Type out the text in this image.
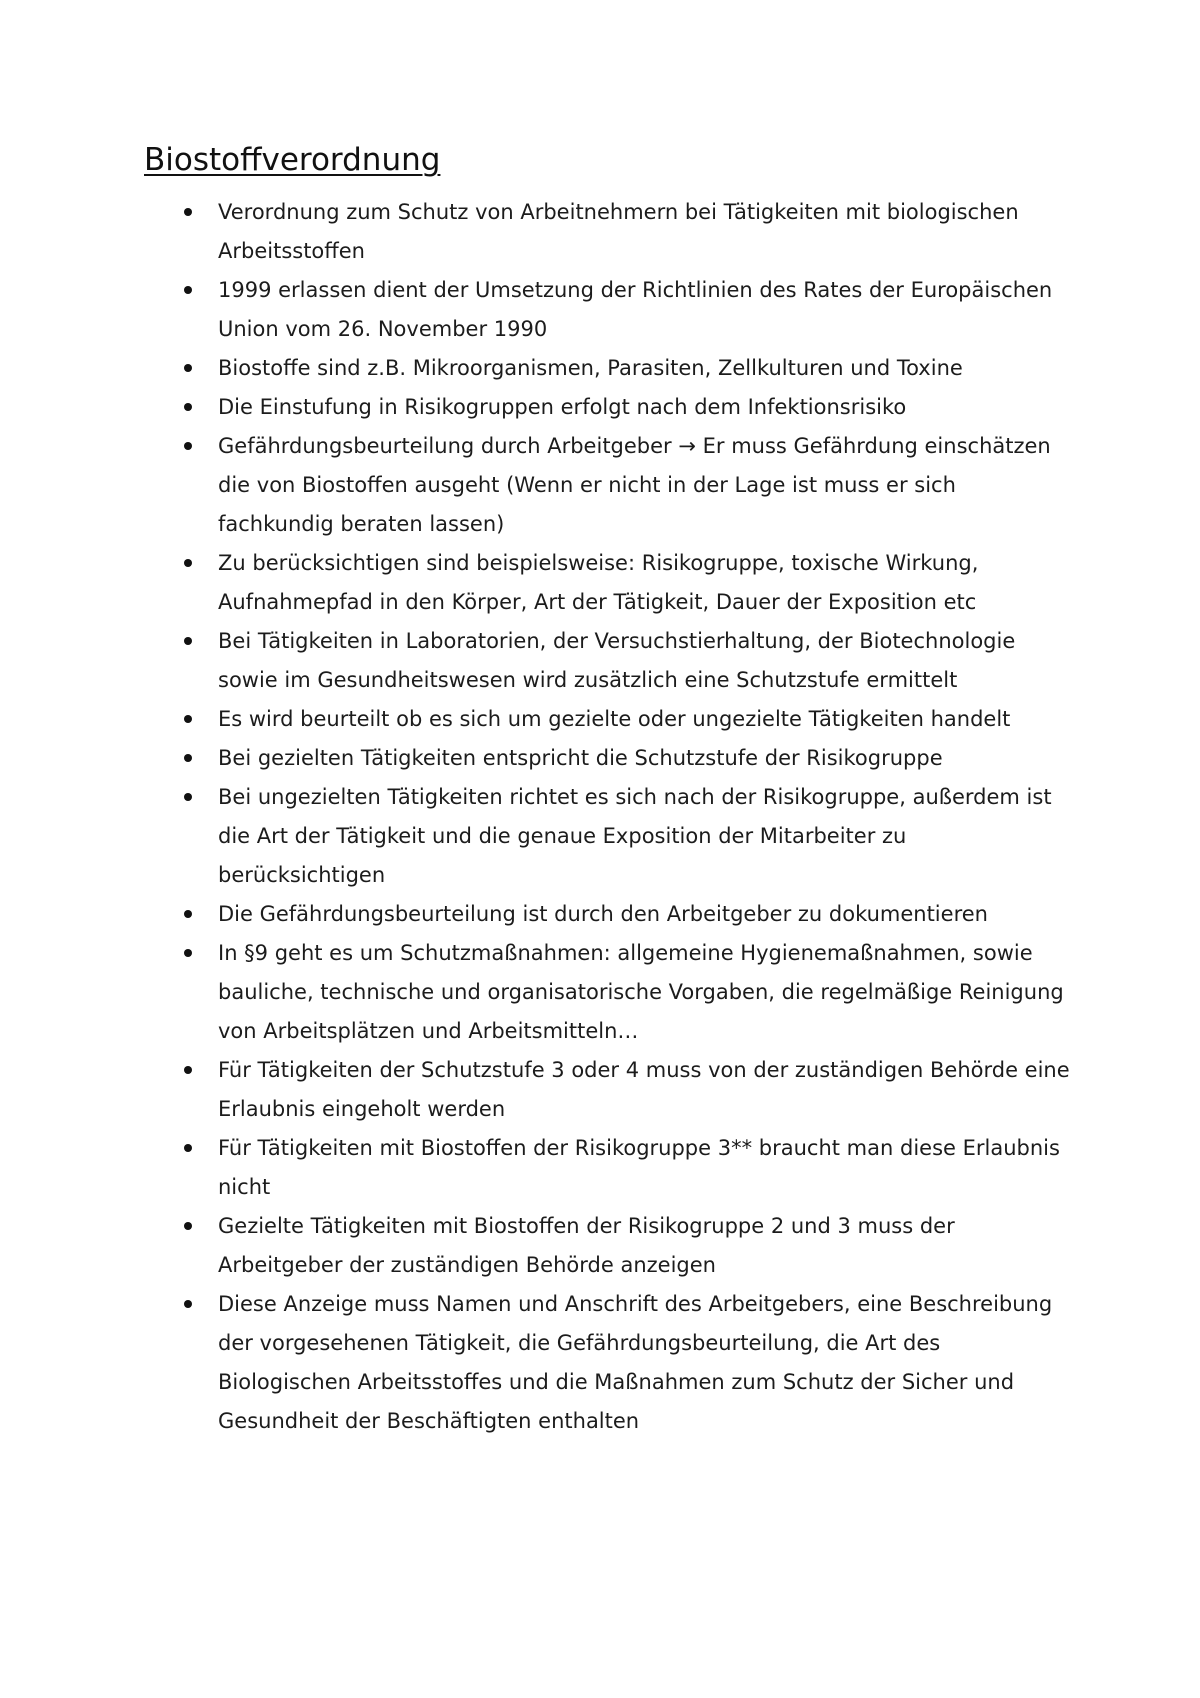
Biostoffverordnung
Verordnung zum Schutz von Arbeitnehmern bei Tätigkeiten mit biologischen Arbeitsstoffen
1999 erlassen dient der Umsetzung der Richtlinien des Rates der Europäischen Union vom 26. November 1990
Biostoffe sind z.B. Mikroorganismen, Parasiten, Zellkulturen und Toxine
Die Einstufung in Risikogruppen erfolgt nach dem Infektionsrisiko
Gefährdungsbeurteilung durch Arbeitgeber → Er muss Gefährdung einschätzen die von Biostoffen ausgeht (Wenn er nicht in der Lage ist muss er sich fachkundig beraten lassen)
Zu berücksichtigen sind beispielsweise: Risikogruppe, toxische Wirkung, Aufnahmepfad in den Körper, Art der Tätigkeit, Dauer der Exposition etc
Bei Tätigkeiten in Laboratorien, der Versuchstierhaltung, der Biotechnologie sowie im Gesundheitswesen wird zusätzlich eine Schutzstufe ermittelt
Es wird beurteilt ob es sich um gezielte oder ungezielte Tätigkeiten handelt
Bei gezielten Tätigkeiten entspricht die Schutzstufe der Risikogruppe
Bei ungezielten Tätigkeiten richtet es sich nach der Risikogruppe, außerdem ist die Art der Tätigkeit und die genaue Exposition der Mitarbeiter zu berücksichtigen
Die Gefährdungsbeurteilung ist durch den Arbeitgeber zu dokumentieren
In §9 geht es um Schutzmaßnahmen: allgemeine Hygienemaßnahmen, sowie bauliche, technische und organisatorische Vorgaben, die regelmäßige Reinigung von Arbeitsplätzen und Arbeitsmitteln…
Für Tätigkeiten der Schutzstufe 3 oder 4 muss von der zuständigen Behörde eine Erlaubnis eingeholt werden
Für Tätigkeiten mit Biostoffen der Risikogruppe 3** braucht man diese Erlaubnis nicht
Gezielte Tätigkeiten mit Biostoffen der Risikogruppe 2 und 3 muss der Arbeitgeber der zuständigen Behörde anzeigen
Diese Anzeige muss Namen und Anschrift des Arbeitgebers, eine Beschreibung der vorgesehenen Tätigkeit, die Gefährdungsbeurteilung, die Art des Biologischen Arbeitsstoffes und die Maßnahmen zum Schutz der Sicher und Gesundheit der Beschäftigten enthalten
